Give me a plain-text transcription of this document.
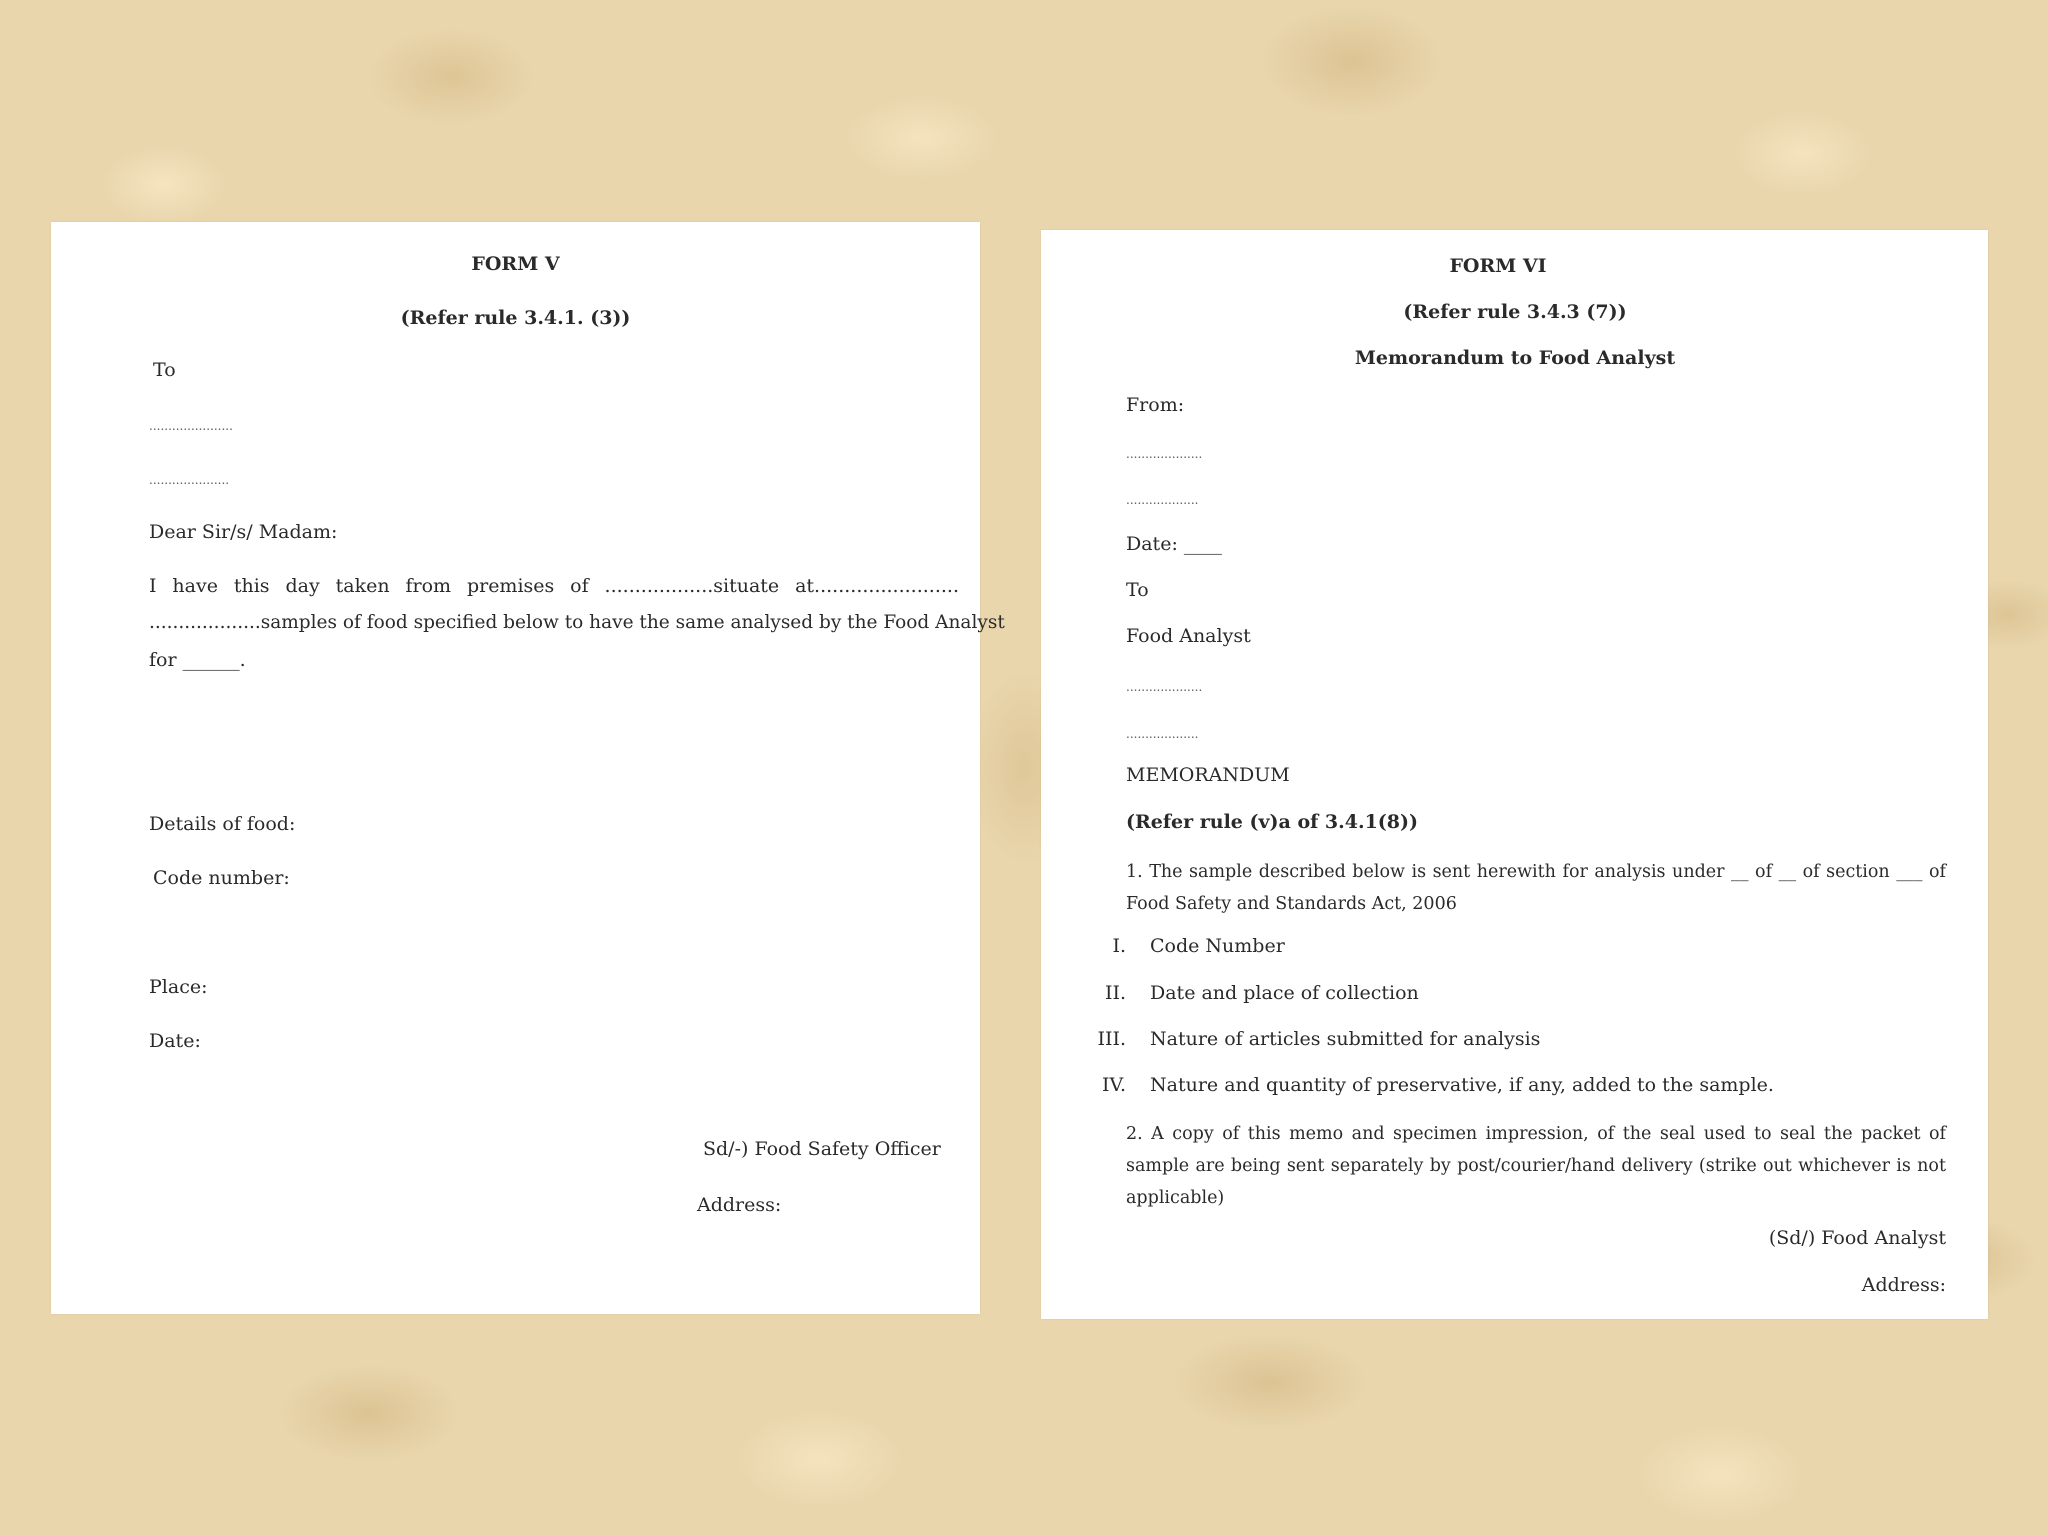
FORM V
(Refer rule 3.4.1. (3))
To
......................
.....................
Dear Sir/s/ Madam:
I have this day taken from premises of ..................situate at........................
...................samples of food specified below to have the same analysed by the Food Analyst
for ______.
Details of food:
Code number:
Place:
Date:
Sd/-) Food Safety Officer
Address:
FORM VI
(Refer rule 3.4.3 (7))
Memorandum to Food Analyst
From:
....................
...................
Date: ____
To
Food Analyst
....................
...................
MEMORANDUM
(Refer rule (v)a of 3.4.1(8))
1. The sample described below is sent herewith for analysis under __ of __ of section ___ of Food Safety and Standards Act, 2006
I. Code Number
II. Date and place of collection
III. Nature of articles submitted for analysis
IV. Nature and quantity of preservative, if any, added to the sample.
2. A copy of this memo and specimen impression, of the seal used to seal the packet of sample are being sent separately by post/courier/hand delivery (strike out whichever is not applicable)
(Sd/) Food Analyst
Address:
